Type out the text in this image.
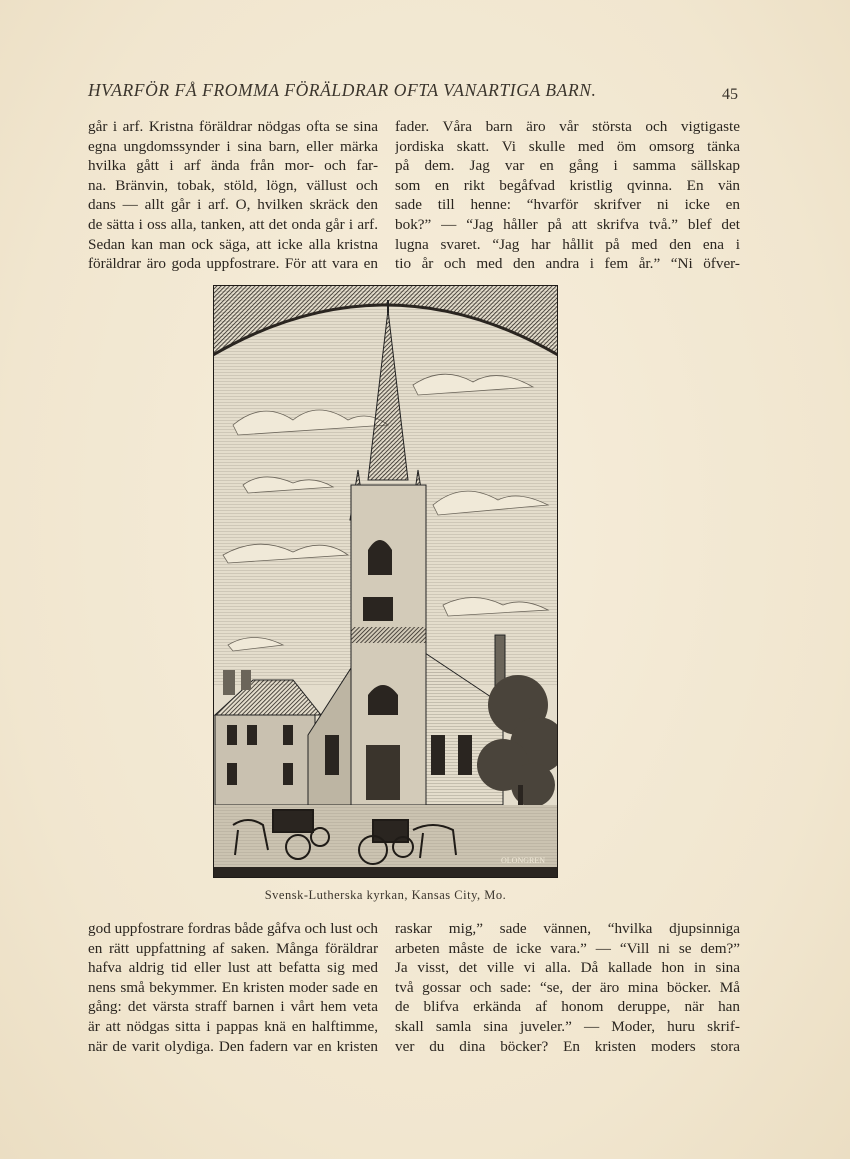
HVARFÖR FÅ FROMMA FÖRÄLDRAR OFTA VANARTIGA BARN.	45
går i arf. Kristna föräldrar nödgas ofta se sina
egna ungdomssynder i sina barn, eller märka
hvilka gått i arf ända från mor- och far-
na. Bränvin, tobak, stöld, lögn, vällust och
dans — allt går i arf. O, hvilken skräck den
de sätta i oss alla, tanken, att det onda går i arf.
Sedan kan man ock säga, att icke alla kristna
föräldrar äro goda uppfostrare. För att vara en
fader. Våra barn äro vår största och vigtigaste
jordiska skatt. Vi skulle med öm omsorg tänka
på dem. Jag var en gång i samma sällskap
som en rikt begåfvad kristlig qvinna. En vän
sade till henne: “hvarför skrifver ni icke en
bok?” — “Jag håller på att skrifva två.” blef det
lugna svaret. “Jag har hållit på med den ena i
tio år och med den andra i fem år.” “Ni öfver-
OLONGREN
Svensk-Lutherska kyrkan, Kansas City, Mo.
god uppfostrare fordras både gåfva och lust och
en rätt uppfattning af saken. Många föräldrar
hafva aldrig tid eller lust att befatta sig med
nens små bekymmer. En kristen moder sade en
gång: det värsta straff barnen i vårt hem veta
är att nödgas sitta i pappas knä en halftimme,
när de varit olydiga. Den fadern var en kristen
raskar mig,” sade vännen, “hvilka djupsinniga
arbeten måste de icke vara.” — “Vill ni se dem?”
Ja visst, det ville vi alla. Då kallade hon in sina
två gossar och sade: “se, der äro mina böcker. Må
de blifva erkända af honom deruppe, när han
skall samla sina juveler.” — Moder, huru skrif-
ver du dina böcker? En kristen moders stora
